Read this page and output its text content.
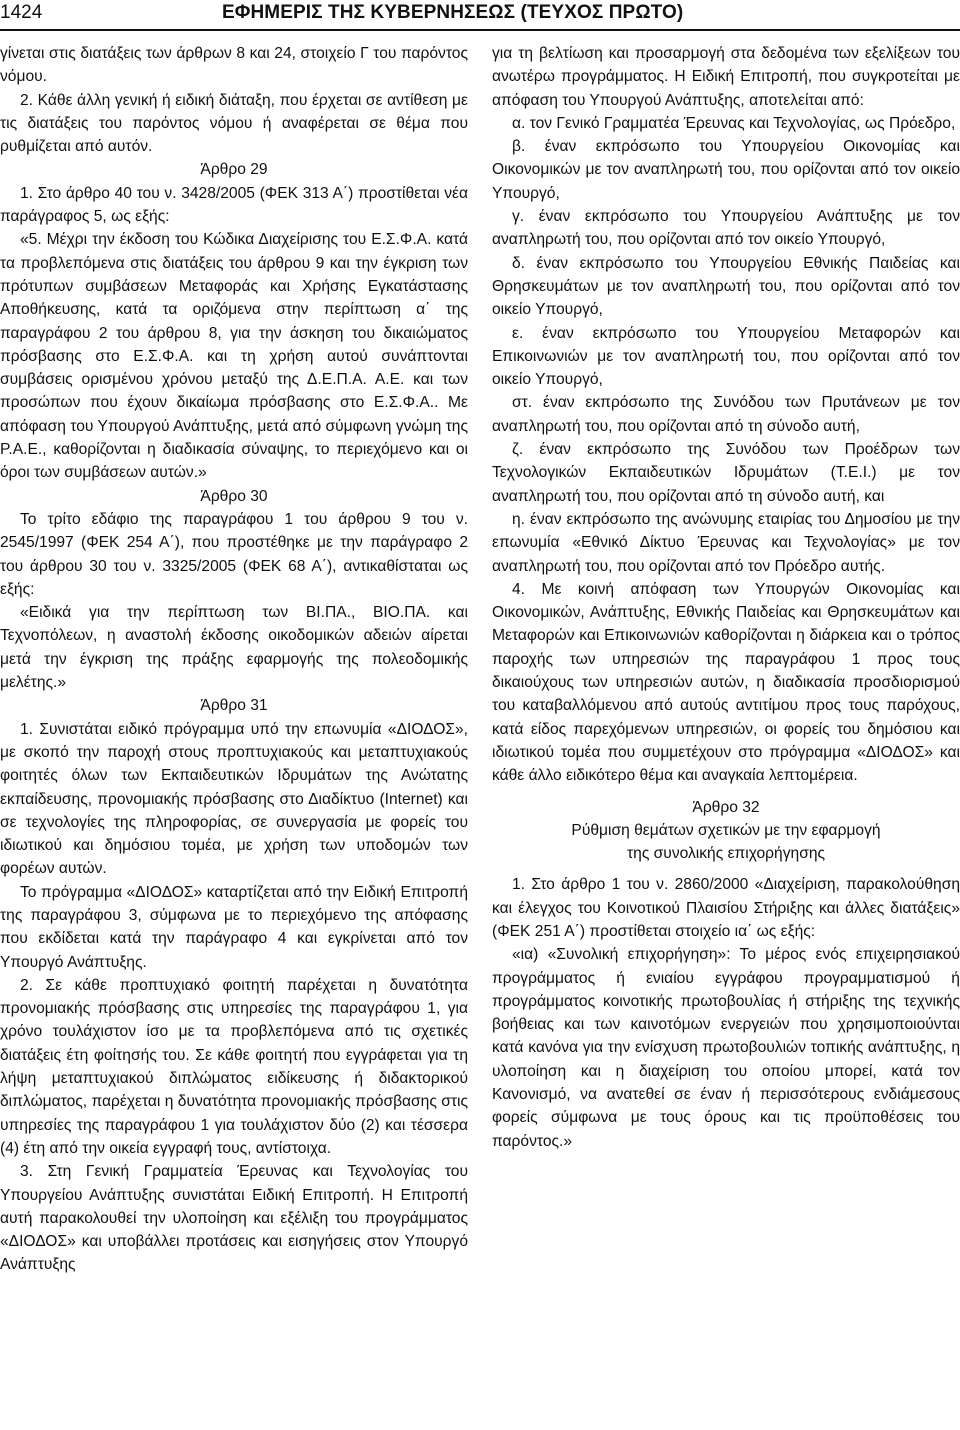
1424	ΕΦΗΜΕΡΙΣ ΤΗΣ ΚΥΒΕΡΝΗΣΕΩΣ (ΤΕΥΧΟΣ ΠΡΩΤΟ)

γίνεται στις διατάξεις των άρθρων 8 και 24, στοιχείο Γ του παρόντος νόμου.

2. Κάθε άλλη γενική ή ειδική διάταξη, που έρχεται σε αντίθεση με τις διατάξεις του παρόντος νόμου ή αναφέρεται σε θέμα που ρυθμίζεται από αυτόν.

Άρθρο 29

1. Στο άρθρο 40 του ν. 3428/2005 (ΦΕΚ 313 Α΄) προστίθεται νέα παράγραφος 5, ως εξής:

«5. Μέχρι την έκδοση του Κώδικα Διαχείρισης του Ε.Σ.Φ.Α. κατά τα προβλεπόμενα στις διατάξεις του άρθρου 9 και την έγκριση των πρότυπων συμβάσεων Μεταφοράς και Χρήσης Εγκατάστασης Αποθήκευσης, κατά τα οριζόμενα στην περίπτωση α΄ της παραγράφου 2 του άρθρου 8, για την άσκηση του δικαιώματος πρόσβασης στο Ε.Σ.Φ.Α. και τη χρήση αυτού συνάπτονται συμβάσεις ορισμένου χρόνου μεταξύ της Δ.Ε.Π.Α. Α.Ε. και των προσώπων που έχουν δικαίωμα πρόσβασης στο Ε.Σ.Φ.Α.. Με απόφαση του Υπουργού Ανάπτυξης, μετά από σύμφωνη γνώμη της Ρ.Α.Ε., καθορίζονται η διαδικασία σύναψης, το περιεχόμενο και οι όροι των συμβάσεων αυτών.»

Άρθρο 30

Το τρίτο εδάφιο της παραγράφου 1 του άρθρου 9 του ν. 2545/1997 (ΦΕΚ 254 Α΄), που προστέθηκε με την παράγραφο 2 του άρθρου 30 του ν. 3325/2005 (ΦΕΚ 68 Α΄), αντικαθίσταται ως εξής:

«Ειδικά για την περίπτωση των ΒΙ.ΠΑ., ΒΙΟ.ΠΑ. και Τεχνοπόλεων, η αναστολή έκδοσης οικοδομικών αδειών αίρεται μετά την έγκριση της πράξης εφαρμογής της πολεοδομικής μελέτης.»

Άρθρο 31

1. Συνιστάται ειδικό πρόγραμμα υπό την επωνυμία «ΔΙΟΔΟΣ», με σκοπό την παροχή στους προπτυχιακούς και μεταπτυχιακούς φοιτητές όλων των Εκπαιδευτικών Ιδρυμάτων της Ανώτατης εκπαίδευσης, προνομιακής πρόσβασης στο Διαδίκτυο (Internet) και σε τεχνολογίες της πληροφορίας, σε συνεργασία με φορείς του ιδιωτικού και δημόσιου τομέα, με χρήση των υποδομών των φορέων αυτών.

Το πρόγραμμα «ΔΙΟΔΟΣ» καταρτίζεται από την Ειδική Επιτροπή της παραγράφου 3, σύμφωνα με το περιεχόμενο της απόφασης που εκδίδεται κατά την παράγραφο 4 και εγκρίνεται από τον Υπουργό Ανάπτυξης.

2. Σε κάθε προπτυχιακό φοιτητή παρέχεται η δυνατότητα προνομιακής πρόσβασης στις υπηρεσίες της παραγράφου 1, για χρόνο τουλάχιστον ίσο με τα προβλεπόμενα από τις σχετικές διατάξεις έτη φοίτησής του. Σε κάθε φοιτητή που εγγράφεται για τη λήψη μεταπτυχιακού διπλώματος ειδίκευσης ή διδακτορικού διπλώματος, παρέχεται η δυνατότητα προνομιακής πρόσβασης στις υπηρεσίες της παραγράφου 1 για τουλάχιστον δύο (2) και τέσσερα (4) έτη από την οικεία εγγραφή τους, αντίστοιχα.

3. Στη Γενική Γραμματεία Έρευνας και Τεχνολογίας του Υπουργείου Ανάπτυξης συνιστάται Ειδική Επιτροπή. Η Επιτροπή αυτή παρακολουθεί την υλοποίηση και εξέλιξη του προγράμματος «ΔΙΟΔΟΣ» και υποβάλλει προτάσεις και εισηγήσεις στον Υπουργό Ανάπτυξης

για τη βελτίωση και προσαρμογή στα δεδομένα των εξελίξεων του ανωτέρω προγράμματος. Η Ειδική Επιτροπή, που συγκροτείται με απόφαση του Υπουργού Ανάπτυξης, αποτελείται από:

α. τον Γενικό Γραμματέα Έρευνας και Τεχνολογίας, ως Πρόεδρο,

β. έναν εκπρόσωπο του Υπουργείου Οικονομίας και Οικονομικών με τον αναπληρωτή του, που ορίζονται από τον οικείο Υπουργό,

γ. έναν εκπρόσωπο του Υπουργείου Ανάπτυξης με τον αναπληρωτή του, που ορίζονται από τον οικείο Υπουργό,

δ. έναν εκπρόσωπο του Υπουργείου Εθνικής Παιδείας και Θρησκευμάτων με τον αναπληρωτή του, που ορίζονται από τον οικείο Υπουργό,

ε. έναν εκπρόσωπο του Υπουργείου Μεταφορών και Επικοινωνιών με τον αναπληρωτή του, που ορίζονται από τον οικείο Υπουργό,

στ. έναν εκπρόσωπο της Συνόδου των Πρυτάνεων με τον αναπληρωτή του, που ορίζονται από τη σύνοδο αυτή,

ζ. έναν εκπρόσωπο της Συνόδου των Προέδρων των Τεχνολογικών Εκπαιδευτικών Ιδρυμάτων (Τ.Ε.Ι.) με τον αναπληρωτή του, που ορίζονται από τη σύνοδο αυτή, και

η. έναν εκπρόσωπο της ανώνυμης εταιρίας του Δημοσίου με την επωνυμία «Εθνικό Δίκτυο Έρευνας και Τεχνολογίας» με τον αναπληρωτή του, που ορίζονται από τον Πρόεδρο αυτής.

4. Με κοινή απόφαση των Υπουργών Οικονομίας και Οικονομικών, Ανάπτυξης, Εθνικής Παιδείας και Θρησκευμάτων και Μεταφορών και Επικοινωνιών καθορίζονται η διάρκεια και ο τρόπος παροχής των υπηρεσιών της παραγράφου 1 προς τους δικαιούχους των υπηρεσιών αυτών, η διαδικασία προσδιορισμού του καταβαλλόμενου από αυτούς αντιτίμου προς τους παρόχους, κατά είδος παρεχόμενων υπηρεσιών, οι φορείς του δημόσιου και ιδιωτικού τομέα που συμμετέχουν στο πρόγραμμα «ΔΙΟΔΟΣ» και κάθε άλλο ειδικότερο θέμα και αναγκαία λεπτομέρεια.

Άρθρο 32

Ρύθμιση θεμάτων σχετικών με την εφαρμογή

της συνολικής επιχορήγησης

1. Στο άρθρο 1 του ν. 2860/2000 «Διαχείριση, παρακολούθηση και έλεγχος του Κοινοτικού Πλαισίου Στήριξης και άλλες διατάξεις» (ΦΕΚ 251 Α΄) προστίθεται στοιχείο ια΄ ως εξής:

«ια) «Συνολική επιχορήγηση»: Το μέρος ενός επιχειρησιακού προγράμματος ή ενιαίου εγγράφου προγραμματισμού ή προγράμματος κοινοτικής πρωτοβουλίας ή στήριξης της τεχνικής βοήθειας και των καινοτόμων ενεργειών που χρησιμοποιούνται κατά κανόνα για την ενίσχυση πρωτοβουλιών τοπικής ανάπτυξης, η υλοποίηση και η διαχείριση του οποίου μπορεί, κατά τον Κανονισμό, να ανατεθεί σε έναν ή περισσότερους ενδιάμεσους φορείς σύμφωνα με τους όρους και τις προϋποθέσεις του παρόντος.»
